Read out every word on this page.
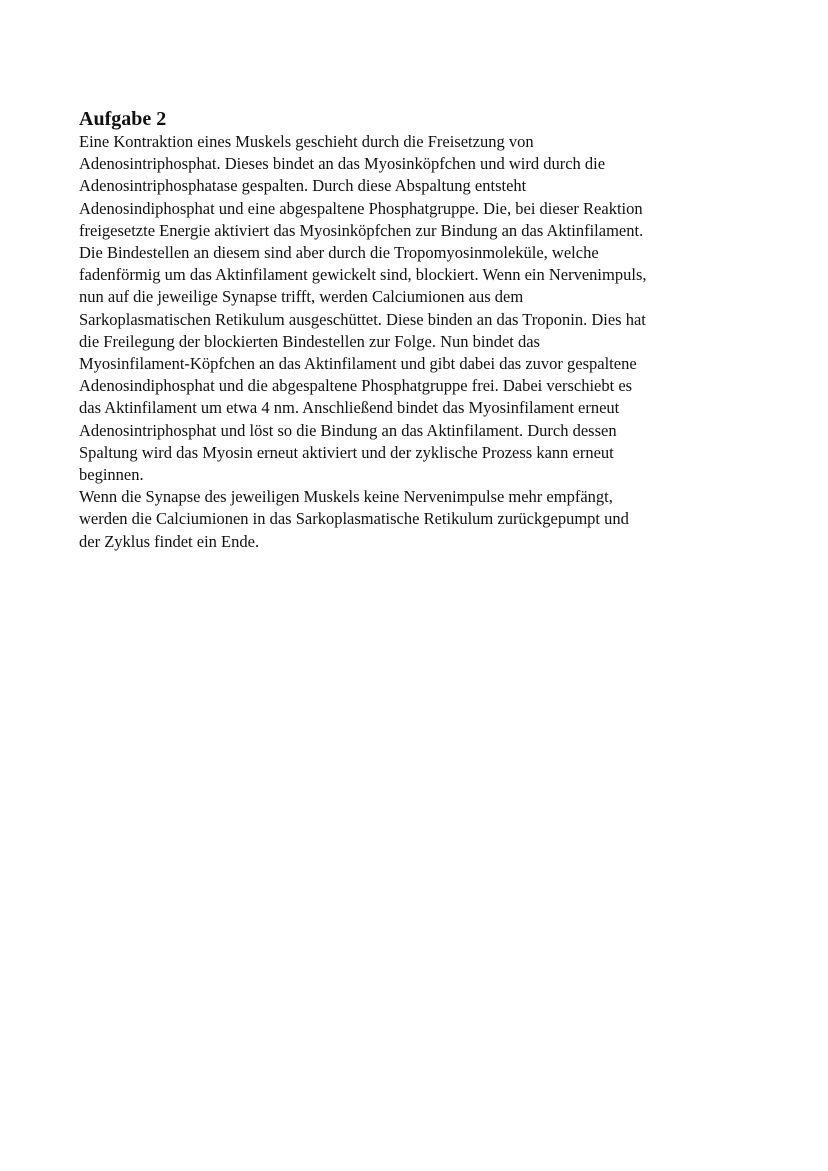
Aufgabe 2
Eine Kontraktion eines Muskels geschieht durch die Freisetzung von
Adenosintriphosphat. Dieses bindet an das Myosinköpfchen und wird durch die
Adenosintriphosphatase gespalten. Durch diese Abspaltung entsteht
Adenosindiphosphat und eine abgespaltene Phosphatgruppe. Die, bei dieser Reaktion
freigesetzte Energie aktiviert das Myosinköpfchen zur Bindung an das Aktinfilament.
Die Bindestellen an diesem sind aber durch die Tropomyosinmoleküle, welche
fadenförmig um das Aktinfilament gewickelt sind, blockiert. Wenn ein Nervenimpuls,
nun auf die jeweilige Synapse trifft, werden Calciumionen aus dem
Sarkoplasmatischen Retikulum ausgeschüttet. Diese binden an das Troponin. Dies hat
die Freilegung der blockierten Bindestellen zur Folge. Nun bindet das
Myosinfilament-Köpfchen an das Aktinfilament und gibt dabei das zuvor gespaltene
Adenosindiphosphat und die abgespaltene Phosphatgruppe frei. Dabei verschiebt es
das Aktinfilament um etwa 4 nm. Anschließend bindet das Myosinfilament erneut
Adenosintriphosphat und löst so die Bindung an das Aktinfilament. Durch dessen
Spaltung wird das Myosin erneut aktiviert und der zyklische Prozess kann erneut
beginnen.
Wenn die Synapse des jeweiligen Muskels keine Nervenimpulse mehr empfängt,
werden die Calciumionen in das Sarkoplasmatische Retikulum zurückgepumpt und
der Zyklus findet ein Ende.
